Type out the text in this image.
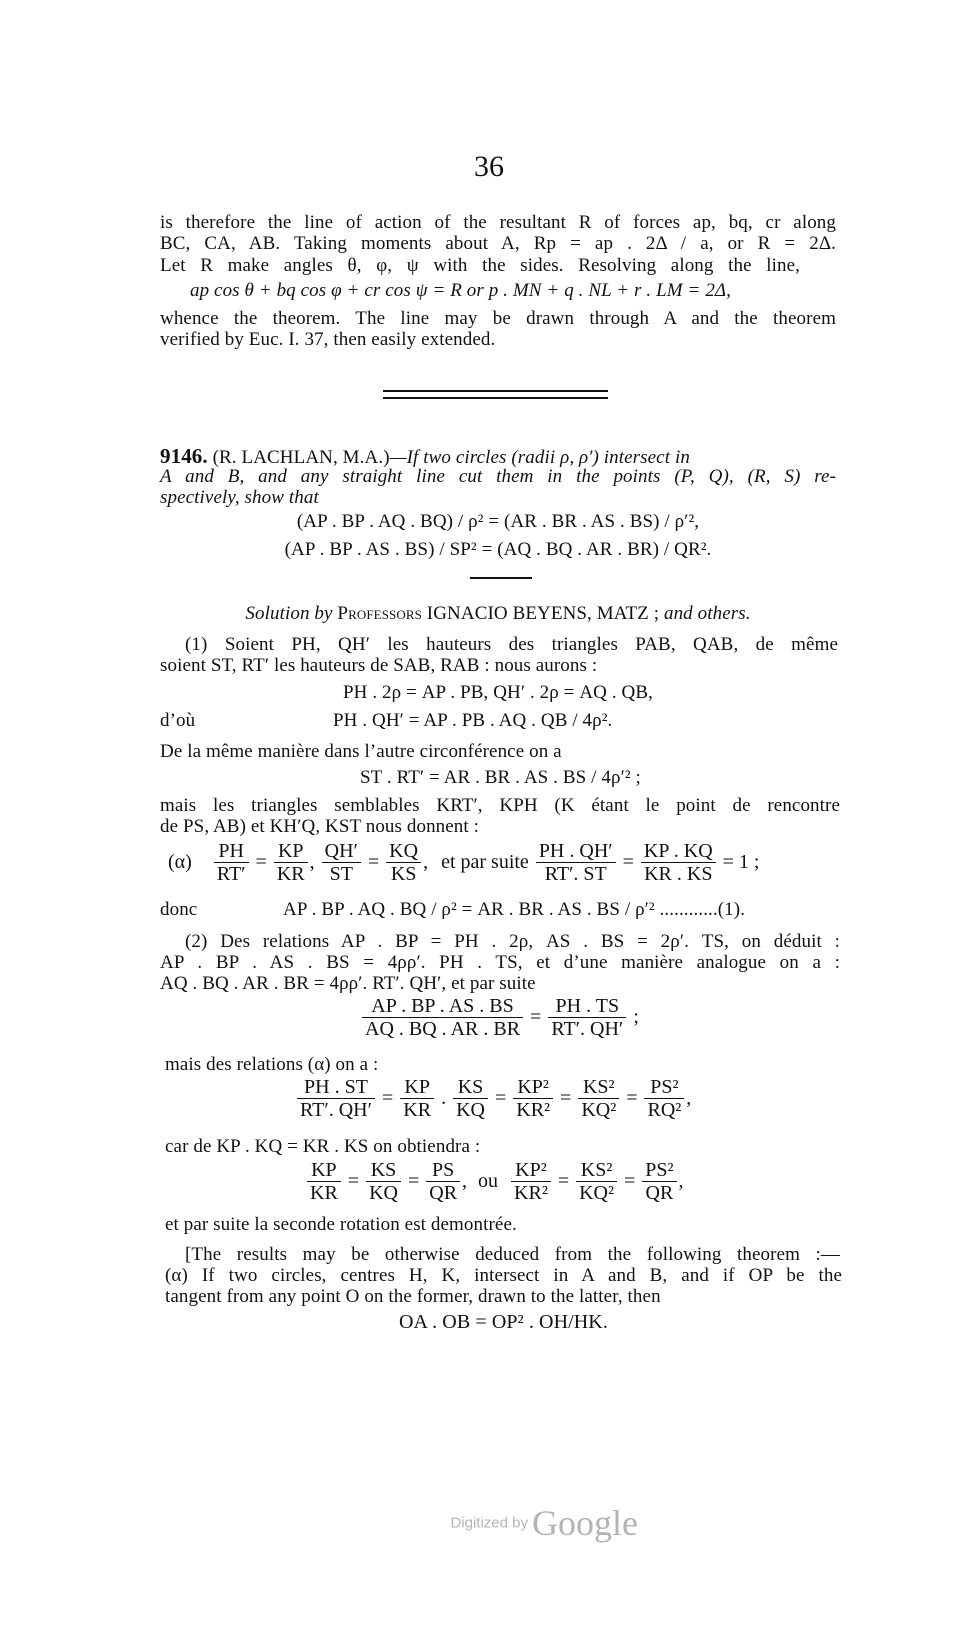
36
is therefore the line of action of the resultant R of forces ap, bq, cr along
BC, CA, AB. Taking moments about A, Rp = ap . 2Δ / a, or R = 2Δ.
Let R make angles θ, φ, ψ with the sides. Resolving along the line,
ap cos θ + bq cos φ + cr cos ψ = R or p . MN + q . NL + r . LM = 2Δ,
whence the theorem. The line may be drawn through A and the theorem
verified by Euc. I. 37, then easily extended.
9146. (R. LACHLAN, M.A.)—If two circles (radii ρ, ρ′) intersect in
A and B, and any straight line cut them in the points (P, Q), (R, S) re-
spectively, show that
(AP . BP . AQ . BQ) / ρ² = (AR . BR . AS . BS) / ρ′²,
(AP . BP . AS . BS) / SP² = (AQ . BQ . AR . BR) / QR².
Solution by Professors IGNACIO BEYENS, MATZ ; and others.
(1) Soient PH, QH′ les hauteurs des triangles PAB, QAB, de même
soient ST, RT′ les hauteurs de SAB, RAB : nous aurons :
PH . 2ρ = AP . PB, QH′ . 2ρ = AQ . QB,
d’où	PH . QH′ = AP . PB . AQ . QB / 4ρ².
De la même manière dans l’autre circonférence on a
ST . RT′ = AR . BR . AS . BS / 4ρ′² ;
mais les triangles semblables KRT′, KPH (K étant le point de rencontre
de PS, AB) et KH′Q, KST nous donnent :
$(\alpha) \frac{PH}{RT'} = \frac{KP}{KR}$ , $\frac{QH'}{ST} = \frac{KQ}{KS}$ , et par suite $\frac{PH . QH'}{RT'. ST} = \frac{KP . KQ}{KR . KS} = 1$ ;
donc	AP . BP . AQ . BQ / ρ² = AR . BR . AS . BS / ρ′² ............(1).
(2) Des relations AP . BP = PH . 2ρ, AS . BS = 2ρ′. TS, on déduit :
AP . BP . AS . BS = 4ρρ′. PH . TS, et d’une manière analogue on a :
AQ . BQ . AR . BR = 4ρρ′. RT′. QH′, et par suite
$\frac{AP . BP . AS . BS}{AQ . BQ . AR . BR} = \frac{PH . TS}{RT'. QH'}$ ;
mais des relations (α) on a :
$\frac{PH . ST}{RT'. QH'} = \frac{KP}{KR}$ . $\frac{KS}{KQ} = \frac{\text{KP²}}{\text{KR²}} = \frac{\text{KS²}}{\text{KQ²}} = \frac{\text{PS²}}{\text{RQ²}}$ ,
car de KP . KQ = KR . KS on obtiendra :
$\frac{KP}{KR} = \frac{KS}{KQ} = \frac{PS}{QR}$ , ou $\frac{\text{KP²}}{\text{KR²}} = \frac{\text{KS²}}{\text{KQ²}} = \frac{\text{PS²}}{QR}$ ,
et par suite la seconde rotation est demontrée.
[The results may be otherwise deduced from the following theorem :—
(α) If two circles, centres H, K, intersect in A and B, and if OP be the
tangent from any point O on the former, drawn to the latter, then
OA . OB = OP² . OH/HK.
Digitized by Google
